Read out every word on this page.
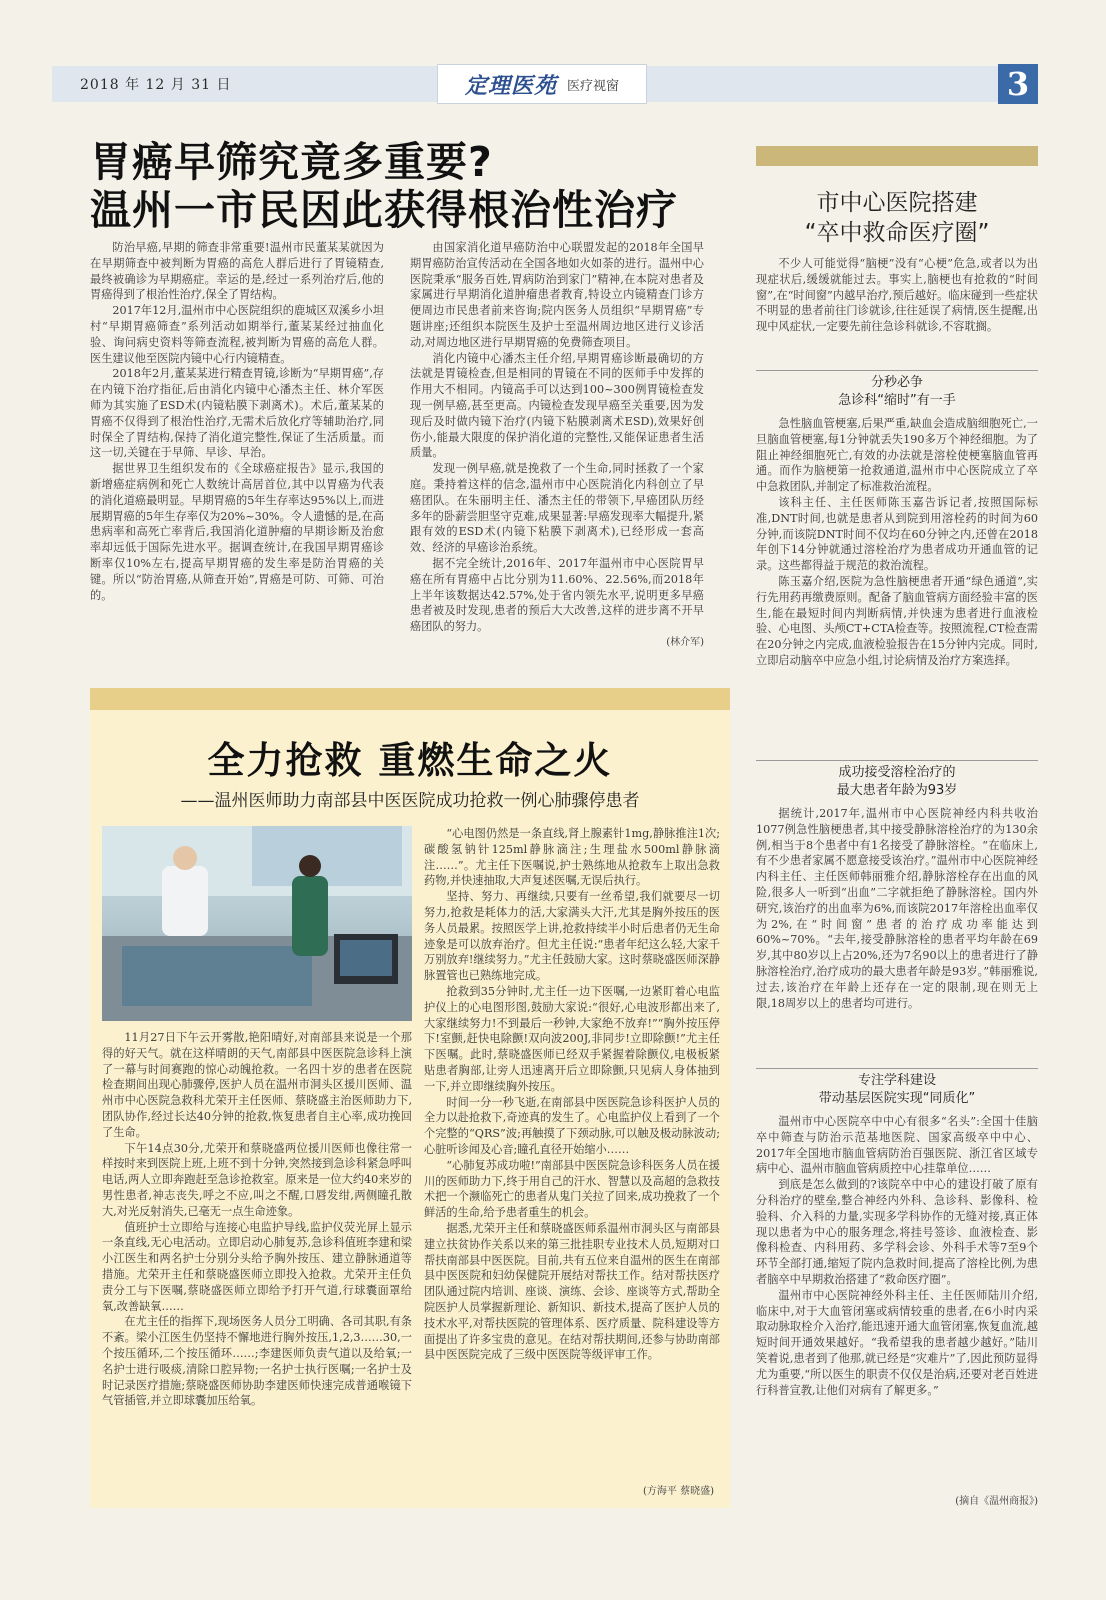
2018 年 12 月 31 日	定理医苑 医疗视窗	3
胃癌早筛究竟多重要?
温州一市民因此获得根治性治疗

防治早癌,早期的筛查非常重要!温州市民董某某就因为在早期筛查中被判断为胃癌的高危人群后进行了胃镜精查,最终被确诊为早期癌症。幸运的是,经过一系列治疗后,他的胃癌得到了根治性治疗,保全了胃结构。

2017年12月,温州市中心医院组织的鹿城区双溪乡小坦村“早期胃癌筛查”系列活动如期举行,董某某经过抽血化验、询问病史资料等筛查流程,被判断为胃癌的高危人群。医生建议他至医院内镜中心行内镜精查。

2018年2月,董某某进行精查胃镜,诊断为“早期胃癌”,存在内镜下治疗指征,后由消化内镜中心潘杰主任、林介军医师为其实施了ESD术(内镜粘膜下剥离术)。术后,董某某的胃癌不仅得到了根治性治疗,无需术后放化疗等辅助治疗,同时保全了胃结构,保持了消化道完整性,保证了生活质量。而这一切,关键在于早筛、早诊、早治。

据世界卫生组织发布的《全球癌症报告》显示,我国的新增癌症病例和死亡人数统计高居首位,其中以胃癌为代表的消化道癌最明显。早期胃癌的5年生存率达95%以上,而进展期胃癌的5年生存率仅为20%~30%。令人遗憾的是,在高患病率和高死亡率背后,我国消化道肿瘤的早期诊断及治愈率却远低于国际先进水平。据调查统计,在我国早期胃癌诊断率仅10%左右,提高早期胃癌的发生率是防治胃癌的关键。所以“防治胃癌,从筛查开始”,胃癌是可防、可筛、可治的。

由国家消化道早癌防治中心联盟发起的2018年全国早期胃癌防治宣传活动在全国各地如火如荼的进行。温州中心医院秉承“服务百姓,胃病防治到家门”精神,在本院对患者及家属进行早期消化道肿瘤患者教育,特设立内镜精查门诊方便周边市民患者前来咨询;院内医务人员组织“早期胃癌”专题讲座;还组织本院医生及护士至温州周边地区进行义诊活动,对周边地区进行早期胃癌的免费筛查项目。

消化内镜中心潘杰主任介绍,早期胃癌诊断最确切的方法就是胃镜检查,但是相同的胃镜在不同的医师手中发挥的作用大不相同。内镜高手可以达到100~300例胃镜检查发现一例早癌,甚至更高。内镜检查发现早癌至关重要,因为发现后及时做内镜下治疗(内镜下粘膜剥离术ESD),效果好创伤小,能最大限度的保护消化道的完整性,又能保证患者生活质量。

发现一例早癌,就是挽救了一个生命,同时拯救了一个家庭。秉持着这样的信念,温州市中心医院消化内科创立了早癌团队。在朱丽明主任、潘杰主任的带领下,早癌团队历经多年的卧薪尝胆坚守克难,成果显著:早癌发现率大幅提升,紧跟有效的ESD术(内镜下粘膜下剥离术),已经形成一套高效、经济的早癌诊治系统。

据不完全统计,2016年、2017年温州市中心医院胃早癌在所有胃癌中占比分别为11.60%、22.56%,而2018年上半年该数据达42.57%,处于省内领先水平,说明更多早癌患者被及时发现,患者的预后大大改善,这样的进步离不开早癌团队的努力。

(林介军)
市中心医院搭建
“卒中救命医疗圈”

不少人可能觉得“脑梗”没有“心梗”危急,或者以为出现症状后,缓缓就能过去。事实上,脑梗也有抢救的“时间窗”,在“时间窗”内越早治疗,预后越好。临床碰到一些症状不明显的患者前往门诊就诊,往往延误了病情,医生提醒,出现中风症状,一定要先前往急诊科就诊,不容耽搁。

分秒必争
急诊科“缩时”有一手

急性脑血管梗塞,后果严重,缺血会造成脑细胞死亡,一旦脑血管梗塞,每1分钟就丢失190多万个神经细胞。为了阻止神经细胞死亡,有效的办法就是溶栓使梗塞脑血管再通。而作为脑梗第一抢救通道,温州市中心医院成立了卒中急救团队,并制定了标准救治流程。

该科主任、主任医师陈玉嘉告诉记者,按照国际标准,DNT时间,也就是患者从到院到用溶栓药的时间为60分钟,而该院DNT时间不仅均在60分钟之内,还曾在2018年创下14分钟就通过溶栓治疗为患者成功开通血管的记录。这些都得益于规范的救治流程。

陈玉嘉介绍,医院为急性脑梗患者开通“绿色通道”,实行先用药再缴费原则。配备了脑血管病方面经验丰富的医生,能在最短时间内判断病情,并快速为患者进行血液检验、心电图、头颅CT+CTA检查等。按照流程,CT检查需在20分钟之内完成,血液检验报告在15分钟内完成。同时,立即启动脑卒中应急小组,讨论病情及治疗方案选择。

成功接受溶栓治疗的
最大患者年龄为93岁

据统计,2017年,温州市中心医院神经内科共收治1077例急性脑梗患者,其中接受静脉溶栓治疗的为130余例,相当于8个患者中有1名接受了静脉溶栓。“在临床上,有不少患者家属不愿意接受该治疗。”温州市中心医院神经内科主任、主任医师韩丽雅介绍,静脉溶栓存在出血的风险,很多人一听到“出血”二字就拒绝了静脉溶栓。国内外研究,该治疗的出血率为6%,而该院2017年溶栓出血率仅为2%,在“时间窗”患者的治疗成功率能达到60%~70%。“去年,接受静脉溶栓的患者平均年龄在69岁,其中80岁以上占20%,还为7名90以上的患者进行了静脉溶栓治疗,治疗成功的最大患者年龄是93岁。”韩丽雅说,过去,该治疗在年龄上还存在一定的限制,现在则无上限,18周岁以上的患者均可进行。

专注学科建设
带动基层医院实现“同质化”

温州市中心医院卒中中心有很多“名头”:全国十佳脑卒中筛查与防治示范基地医院、国家高级卒中中心、2017年全国地市脑血管病防治百强医院、浙江省区域专病中心、温州市脑血管病质控中心挂靠单位……

到底是怎么做到的?该院卒中中心的建设打破了原有分科治疗的壁垒,整合神经内外科、急诊科、影像科、检验科、介入科的力量,实现多学科协作的无缝对接,真正体现以患者为中心的服务理念,将挂号签诊、血液检查、影像科检查、内科用药、多学科会诊、外科手术等7至9个环节全部打通,缩短了院内急救时间,提高了溶栓比例,为患者脑卒中早期救治搭建了“救命医疗圈”。

温州市中心医院神经外科主任、主任医师陆川介绍,临床中,对于大血管闭塞或病情较重的患者,在6小时内采取动脉取栓介入治疗,能迅速开通大血管闭塞,恢复血流,越短时间开通效果越好。“我希望我的患者越少越好。”陆川笑着说,患者到了他那,就已经是“灾难片”了,因此预防显得尤为重要,“所以医生的职责不仅仅是治病,还要对老百姓进行科普宣教,让他们对病有了解更多。”

(摘自《温州商报》)
全力抢救 重燃生命之火
——温州医师助力南部县中医医院成功抢救一例心肺骤停患者

11月27日下午云开雾散,艳阳晴好,对南部县来说是一个那得的好天气。就在这样晴朗的天气,南部县中医医院急诊科上演了一幕与时间赛跑的惊心动魄抢救。一名四十岁的患者在医院检查期间出现心肺骤停,医护人员在温州市洞头区援川医师、温州市中心医院急救科尤荣开主任医师、蔡晓盛主治医师助力下,团队协作,经过长达40分钟的抢救,恢复患者自主心率,成功挽回了生命。

下午14点30分,尤荣开和蔡晓盛两位援川医师也像往常一样按时来到医院上班,上班不到十分钟,突然接到急诊科紧急呼叫电话,两人立即奔跑赶至急诊抢救室。原来是一位大约40来岁的男性患者,神志丧失,呼之不应,叫之不醒,口唇发绀,两侧瞳孔散大,对光反射消失,已毫无一点生命迹象。

值班护士立即给与连接心电监护导线,监护仪荧光屏上显示一条直线,无心电活动。立即启动心肺复苏,急诊科值班李建和梁小江医生和两名护士分别分头给予胸外按压、建立静脉通道等措施。尤荣开主任和蔡晓盛医师立即投入抢救。尤荣开主任负责分工与下医嘱,蔡晓盛医师立即给予打开气道,行球囊面罩给氧,改善缺氧……

在尤主任的指挥下,现场医务人员分工明确、各司其职,有条不紊。梁小江医生仍坚持不懈地进行胸外按压,1,2,3……30,一个按压循环,二个按压循环……;李建医师负责气道以及给氧;一名护士进行吸痰,清除口腔异物;一名护士执行医嘱;一名护士及时记录医疗措施;蔡晓盛医师协助李建医师快速完成普通喉镜下气管插管,并立即球囊加压给氧。

“心电图仍然是一条直线,肾上腺素针1mg,静脉推注1次;碳酸氢钠针125ml静脉滴注;生理盐水500ml静脉滴注……”。尤主任下医嘱说,护士熟练地从抢救车上取出急救药物,并快速抽取,大声复述医嘱,无误后执行。

坚持、努力、再继续,只要有一丝希望,我们就要尽一切努力,抢救是耗体力的活,大家满头大汗,尤其是胸外按压的医务人员最累。按照医学上讲,抢救持续半小时后患者仍无生命迹象是可以放弃治疗。但尤主任说:“患者年纪这么轻,大家千万别放弃!继续努力。”尤主任鼓励大家。这时蔡晓盛医师深静脉置管也已熟练地完成。

抢救到35分钟时,尤主任一边下医嘱,一边紧盯着心电监护仪上的心电图形图,鼓励大家说:“很好,心电波形都出来了,大家继续努力!不到最后一秒钟,大家绝不放弃!”“胸外按压停下!室颤,赶快电除颤!双向波200J,非同步!立即除颤!”尤主任下医嘱。此时,蔡晓盛医师已经双手紧握着除颤仪,电极板紧贴患者胸部,让旁人迅速离开后立即除颤,只见病人身体抽到一下,并立即继续胸外按压。

时间一分一秒飞逝,在南部县中医医院急诊科医护人员的全力以赴抢救下,奇迹真的发生了。心电监护仪上看到了一个个完整的“QRS”波;再触摸了下颈动脉,可以触及极动脉波动;心脏听诊闻及心音;瞳孔直径开始缩小……

“心肺复苏成功啦!”南部县中医医院急诊科医务人员在援川的医师助力下,终于用自己的汗水、智慧以及高超的急救技术把一个濒临死亡的患者从鬼门关拉了回来,成功挽救了一个鲜活的生命,给予患者重生的机会。

据悉,尤荣开主任和蔡晓盛医师系温州市洞头区与南部县建立扶贫协作关系以来的第三批挂职专业技术人员,短期对口帮扶南部县中医医院。目前,共有五位来自温州的医生在南部县中医医院和妇幼保健院开展结对帮扶工作。结对帮扶医疗团队通过院内培训、座谈、演练、会诊、座谈等方式,帮助全院医护人员掌握新理论、新知识、新技术,提高了医护人员的技术水平,对帮扶医院的管理体系、医疗质量、院科建设等方面提出了许多宝贵的意见。在结对帮扶期间,还参与协助南部县中医医院完成了三级中医医院等级评审工作。

(方海平 蔡晓盛)
